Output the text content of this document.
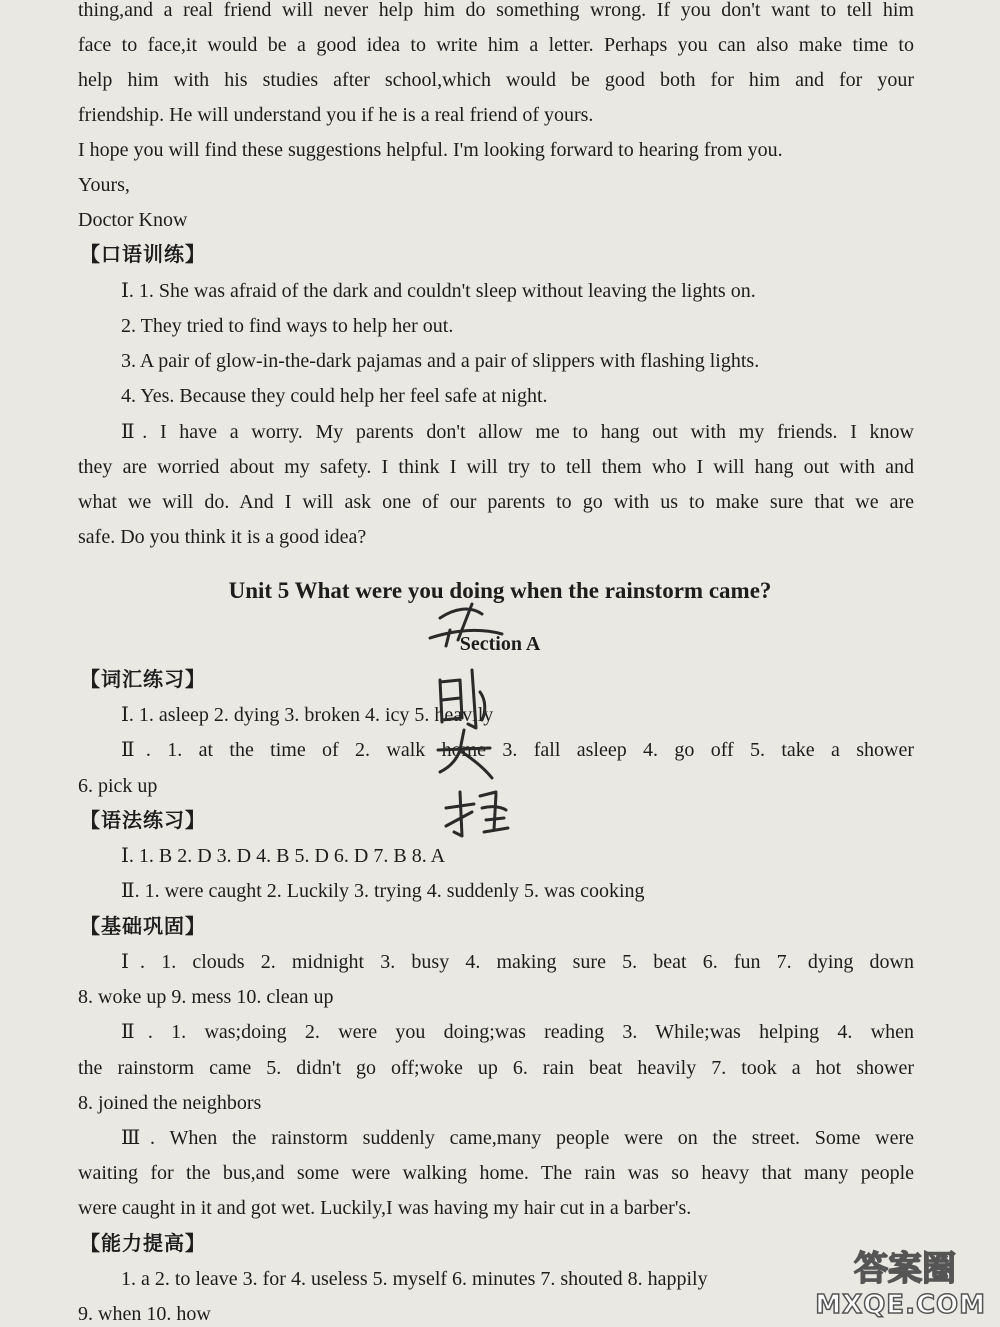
thing,and a real friend will never help him do something wrong. If you don't want to tell him
face to face,it would be a good idea to write him a letter. Perhaps you can also make time to
help him with his studies after school,which would be good both for him and for your
friendship. He will understand you if he is a real friend of yours.
I hope you will find these suggestions helpful. I'm looking forward to hearing from you.
Yours,
Doctor Know
【口语训练】
Ⅰ. 1. She was afraid of the dark and couldn't sleep without leaving the lights on.
2. They tried to find ways to help her out.
3. A pair of glow-in-the-dark pajamas and a pair of slippers with flashing lights.
4. Yes. Because they could help her feel safe at night.
Ⅱ. I have a worry. My parents don't allow me to hang out with my friends. I know
they are worried about my safety. I think I will try to tell them who I will hang out with and
what we will do. And I will ask one of our parents to go with us to make sure that we are
safe. Do you think it is a good idea?
Unit 5 What were you doing when the rainstorm came?
Section A
【词汇练习】
Ⅰ. 1. asleep 2. dying 3. broken 4. icy 5. heavily
Ⅱ. 1. at the time of 2. walk home 3. fall asleep 4. go off 5. take a shower
6. pick up
【语法练习】
Ⅰ. 1. B 2. D 3. D 4. B 5. D 6. D 7. B 8. A
Ⅱ. 1. were caught 2. Luckily 3. trying 4. suddenly 5. was cooking
【基础巩固】
Ⅰ. 1. clouds 2. midnight 3. busy 4. making sure 5. beat 6. fun 7. dying down
8. woke up 9. mess 10. clean up
Ⅱ. 1. was;doing 2. were you doing;was reading 3. While;was helping 4. when
the rainstorm came 5. didn't go off;woke up 6. rain beat heavily 7. took a hot shower
8. joined the neighbors
Ⅲ. When the rainstorm suddenly came,many people were on the street. Some were
waiting for the bus,and some were walking home. The rain was so heavy that many people
were caught in it and got wet. Luckily,I was having my hair cut in a barber's.
【能力提高】
1. a 2. to leave 3. for 4. useless 5. myself 6. minutes 7. shouted 8. happily
9. when 10. how
答案圈
MXQE.COM
